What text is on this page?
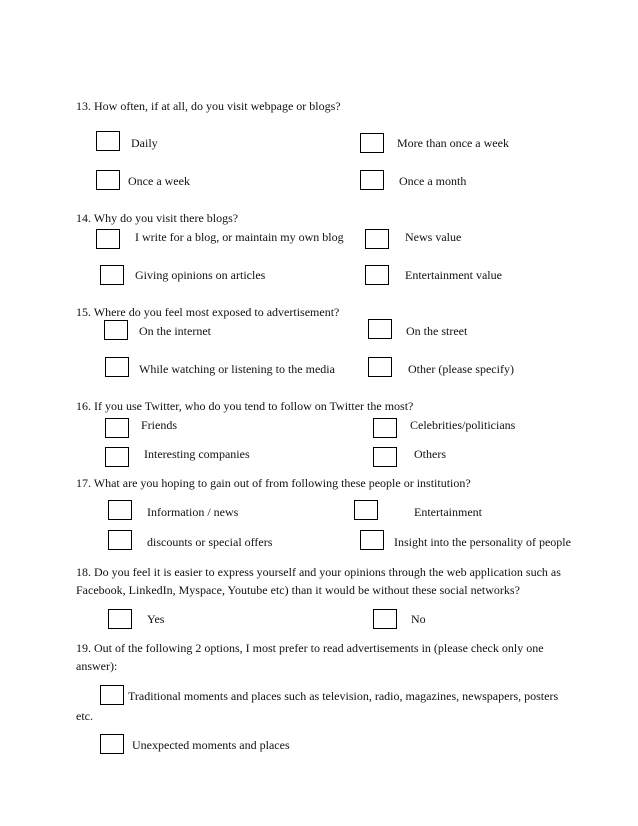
13. How often, if at all, do you visit webpage or blogs?
Daily	More than once a week
Once a week	Once a month
14. Why do you visit there blogs?
I write for a blog, or maintain my own blog	News value
Giving opinions on articles	Entertainment value
15. Where do you feel most exposed to advertisement?
On the internet	On the street
While watching or listening to the media	Other (please specify)
16. If you use Twitter, who do you tend to follow on Twitter the most?
Friends	Celebrities/politicians
Interesting companies	Others
17. What are you hoping to gain out of from following these people or institution?
Information / news	Entertainment
discounts or special offers	Insight into the personality of people
18. Do you feel it is easier to express yourself and your opinions through the web application such as
Facebook, LinkedIn, Myspace, Youtube etc) than it would be without these social networks?
Yes	No
19. Out of the following 2 options, I most prefer to read advertisements in (please check only one
answer):
Traditional moments and places such as television, radio, magazines, newspapers, posters
etc.
Unexpected moments and places
